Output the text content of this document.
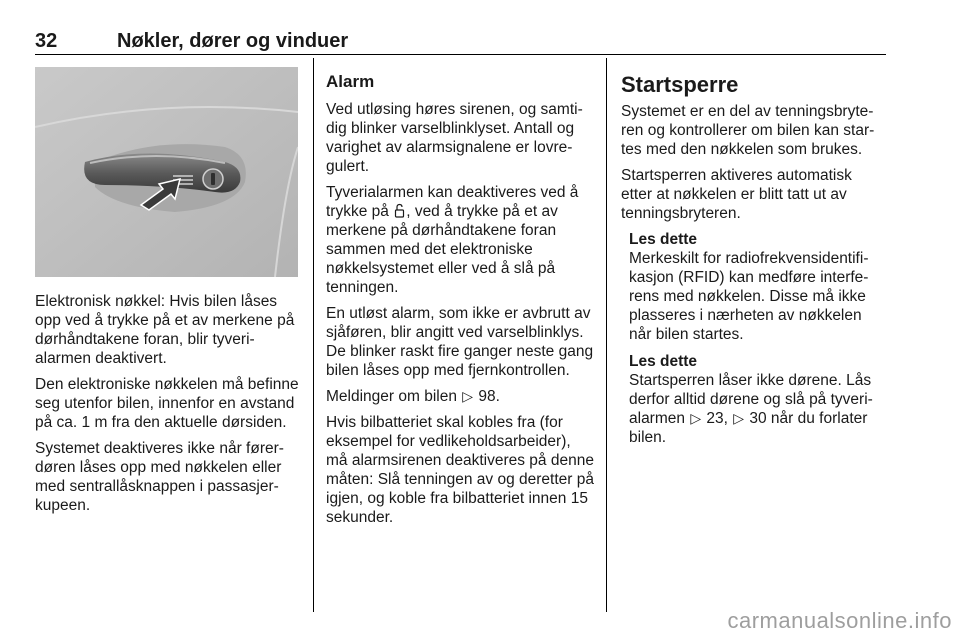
32	Nøkler, dører og vinduer

Elektronisk nøkkel: Hvis bilen låses opp ved å trykke på et av merkene på dørhåndtakene foran, blir tyverialarmen deaktivert.

Den elektroniske nøkkelen må befinne seg utenfor bilen, innenfor en avstand på ca. 1 m fra den aktuelle dørsiden.

Systemet deaktiveres ikke når førerdøren låses opp med nøkkelen eller med sentrallåsknappen i passasjerkupeen.

Alarm

Ved utløsing høres sirenen, og samtidig blinker varselblinklyset. Antall og varighet av alarmsignalene er lovregulert.

Tyverialarmen kan deaktiveres ved å trykke på , ved å trykke på et av merkene på dørhåndtakene foran sammen med det elektroniske nøkkelsystemet eller ved å slå på tenningen.

En utløst alarm, som ikke er avbrutt av sjåføren, blir angitt ved varselblinklys. De blinker raskt fire ganger neste gang bilen låses opp med fjernkontrollen.

Meldinger om bilen ▷ 98.

Hvis bilbatteriet skal kobles fra (for eksempel for vedlikeholdsarbeider), må alarmsirenen deaktiveres på denne måten: Slå tenningen av og deretter på igjen, og koble fra bilbatteriet innen 15 sekunder.

Startsperre

Systemet er en del av tenningsbryteren og kontrollerer om bilen kan startes med den nøkkelen som brukes.

Startsperren aktiveres automatisk etter at nøkkelen er blitt tatt ut av tenningsbryteren.

Les dette
Merkeskilt for radiofrekvensidentifikasjon (RFID) kan medføre interferens med nøkkelen. Disse må ikke plasseres i nærheten av nøkkelen når bilen startes.
Les dette
Startsperren låser ikke dørene. Lås derfor alltid dørene og slå på tyverialarmen ▷ 23, ▷ 30 når du forlater bilen.
carmanualsonline.info
